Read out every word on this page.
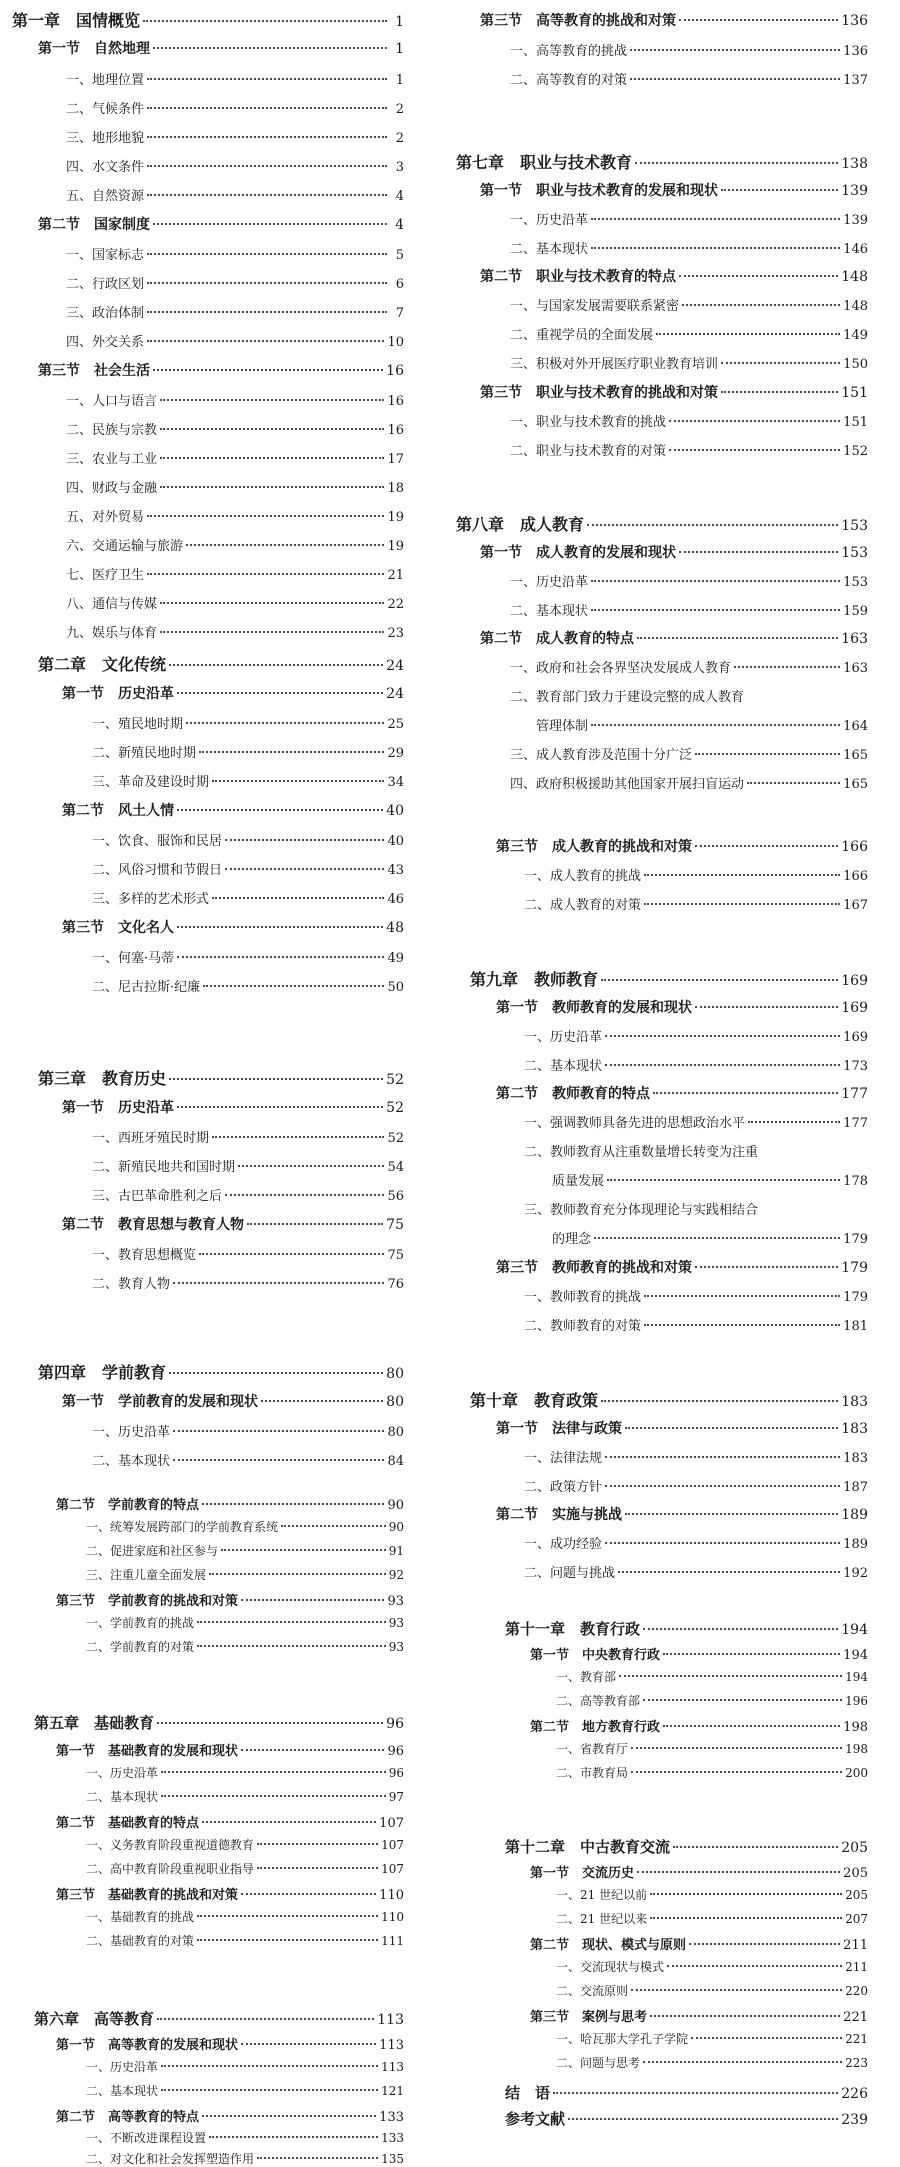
第一章　国情概览	1
第一节　自然地理	1
一、地理位置	1
二、气候条件	2
三、地形地貌	2
四、水文条件	3
五、自然资源	4
第二节　国家制度	4
一、国家标志	5
二、行政区划	6
三、政治体制	7
四、外交关系	10
第三节　社会生活	16
一、人口与语言	16
二、民族与宗教	16
三、农业与工业	17
四、财政与金融	18
五、对外贸易	19
六、交通运输与旅游	19
七、医疗卫生	21
八、通信与传媒	22
九、娱乐与体育	23
第二章　文化传统	24
第一节　历史沿革	24
一、殖民地时期	25
二、新殖民地时期	29
三、革命及建设时期	34
第二节　风土人情	40
一、饮食、服饰和民居	40
二、风俗习惯和节假日	43
三、多样的艺术形式	46
第三节　文化名人	48
一、何塞·马蒂	49
二、尼古拉斯·纪廉	50
第三章　教育历史	52
第一节　历史沿革	52
一、西班牙殖民时期	52
二、新殖民地共和国时期	54
三、古巴革命胜利之后	56
第二节　教育思想与教育人物	75
一、教育思想概览	75
二、教育人物	76
第四章　学前教育	80
第一节　学前教育的发展和现状	80
一、历史沿革	80
二、基本现状	84
第二节　学前教育的特点	90
一、统筹发展跨部门的学前教育系统	90
二、促进家庭和社区参与	91
三、注重儿童全面发展	92
第三节　学前教育的挑战和对策	93
一、学前教育的挑战	93
二、学前教育的对策	93
第五章　基础教育	96
第一节　基础教育的发展和现状	96
一、历史沿革	96
二、基本现状	97
第二节　基础教育的特点	107
一、义务教育阶段重视道德教育	107
二、高中教育阶段重视职业指导	107
第三节　基础教育的挑战和对策	110
一、基础教育的挑战	110
二、基础教育的对策	111
第六章　高等教育	113
第一节　高等教育的发展和现状	113
一、历史沿革	113
二、基本现状	121
第二节　高等教育的特点	133
一、不断改进课程设置	133
二、对文化和社会发挥塑造作用	135
第三节　高等教育的挑战和对策	136
一、高等教育的挑战	136
二、高等教育的对策	137
第七章　职业与技术教育	138
第一节　职业与技术教育的发展和现状	139
一、历史沿革	139
二、基本现状	146
第二节　职业与技术教育的特点	148
一、与国家发展需要联系紧密	148
二、重视学员的全面发展	149
三、积极对外开展医疗职业教育培训	150
第三节　职业与技术教育的挑战和对策	151
一、职业与技术教育的挑战	151
二、职业与技术教育的对策	152
第八章　成人教育	153
第一节　成人教育的发展和现状	153
一、历史沿革	153
二、基本现状	159
第二节　成人教育的特点	163
一、政府和社会各界坚决发展成人教育	163
二、教育部门致力于建设完整的成人教育
管理体制	164
三、成人教育涉及范围十分广泛	165
四、政府积极援助其他国家开展扫盲运动	165
第三节　成人教育的挑战和对策	166
一、成人教育的挑战	166
二、成人教育的对策	167
第九章　教师教育	169
第一节　教师教育的发展和现状	169
一、历史沿革	169
二、基本现状	173
第二节　教师教育的特点	177
一、强调教师具备先进的思想政治水平	177
二、教师教育从注重数量增长转变为注重
质量发展	178
三、教师教育充分体现理论与实践相结合
的理念	179
第三节　教师教育的挑战和对策	179
一、教师教育的挑战	179
二、教师教育的对策	181
第十章　教育政策	183
第一节　法律与政策	183
一、法律法规	183
二、政策方针	187
第二节　实施与挑战	189
一、成功经验	189
二、问题与挑战	192
第十一章　教育行政	194
第一节　中央教育行政	194
一、教育部	194
二、高等教育部	196
第二节　地方教育行政	198
一、省教育厅	198
二、市教育局	200
第十二章　中古教育交流	205
第一节　交流历史	205
一、21 世纪以前	205
二、21 世纪以来	207
第二节　现状、模式与原则	211
一、交流现状与模式	211
二、交流原则	220
第三节　案例与思考	221
一、哈瓦那大学孔子学院	221
二、问题与思考	223
结　语	226
参考文献	239
